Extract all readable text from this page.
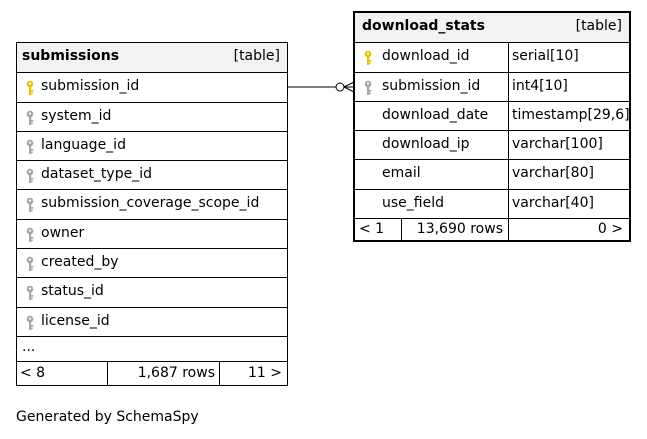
submissions	[table]
submission_id
system_id
language_id
dataset_type_id
submission_coverage_scope_id
owner
created_by
status_id
license_id
...
< 8	1,687 rows 11 >
download_stats	[table]
download_id	serial[10]
submission_id int4[10]
download_date timestamp[29,6]
download_ip	varchar[100]
email	varchar[80]
use_field	varchar[40]
< 1 13,690 rows	0 >
Generated by SchemaSpy
